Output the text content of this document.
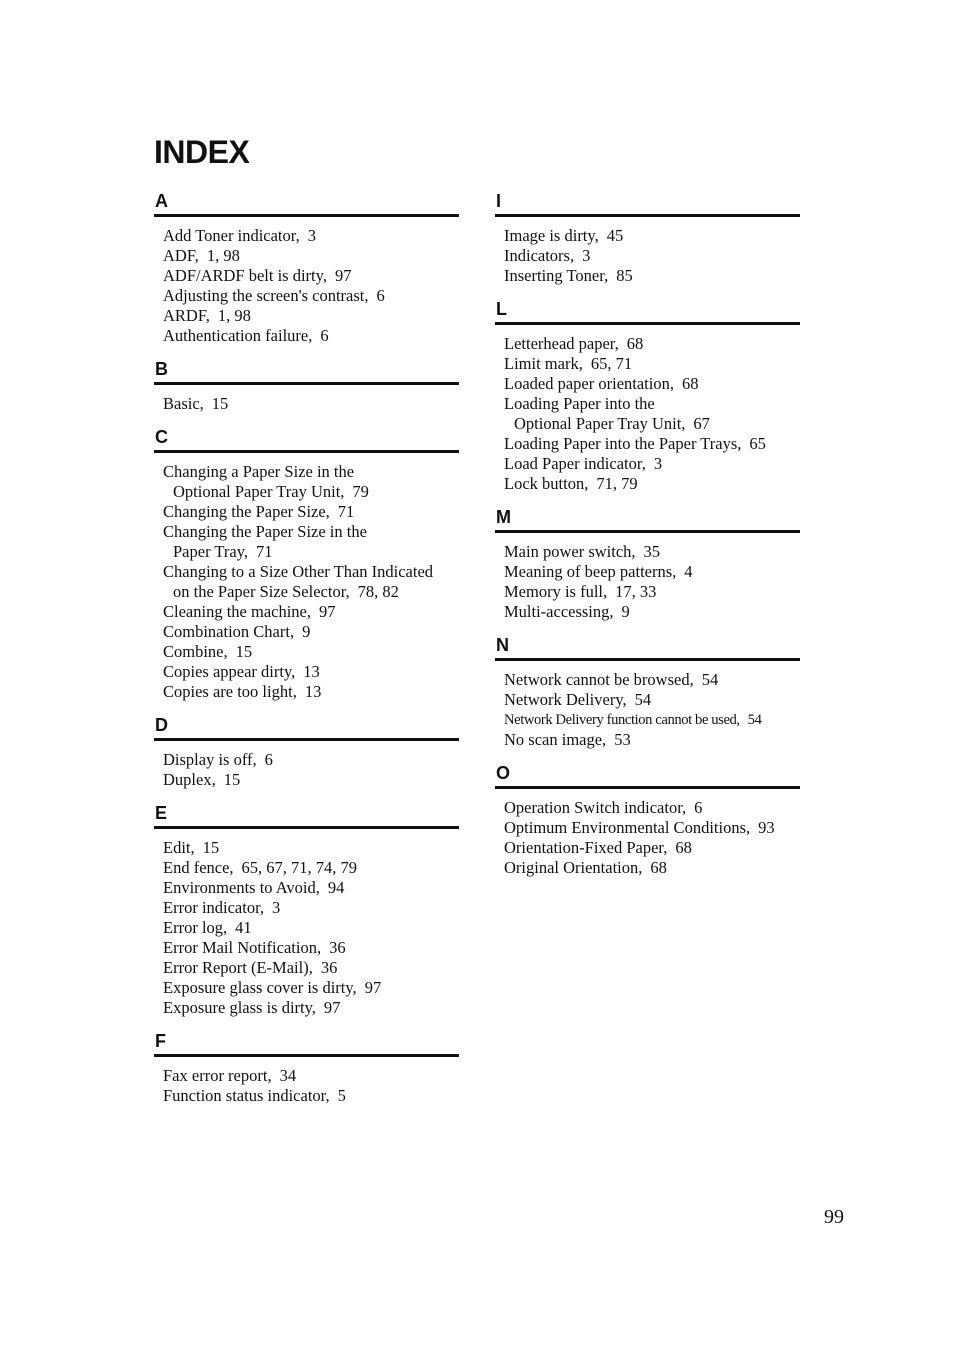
INDEX
A
Add Toner indicator, 3
ADF, 1, 98
ADF/ARDF belt is dirty, 97
Adjusting the screen's contrast, 6
ARDF, 1, 98
Authentication failure, 6
B
Basic, 15
C
Changing a Paper Size in the
Optional Paper Tray Unit, 79
Changing the Paper Size, 71
Changing the Paper Size in the
Paper Tray, 71
Changing to a Size Other Than Indicated
on the Paper Size Selector, 78, 82
Cleaning the machine, 97
Combination Chart, 9
Combine, 15
Copies appear dirty, 13
Copies are too light, 13
D
Display is off, 6
Duplex, 15
E
Edit, 15
End fence, 65, 67, 71, 74, 79
Environments to Avoid, 94
Error indicator, 3
Error log, 41
Error Mail Notification, 36
Error Report (E-Mail), 36
Exposure glass cover is dirty, 97
Exposure glass is dirty, 97
F
Fax error report, 34
Function status indicator, 5
I
Image is dirty, 45
Indicators, 3
Inserting Toner, 85
L
Letterhead paper, 68
Limit mark, 65, 71
Loaded paper orientation, 68
Loading Paper into the
Optional Paper Tray Unit, 67
Loading Paper into the Paper Trays, 65
Load Paper indicator, 3
Lock button, 71, 79
M
Main power switch, 35
Meaning of beep patterns, 4
Memory is full, 17, 33
Multi-accessing, 9
N
Network cannot be browsed, 54
Network Delivery, 54
Network Delivery function cannot be used, 54
No scan image, 53
O
Operation Switch indicator, 6
Optimum Environmental Conditions, 93
Orientation-Fixed Paper, 68
Original Orientation, 68
99
